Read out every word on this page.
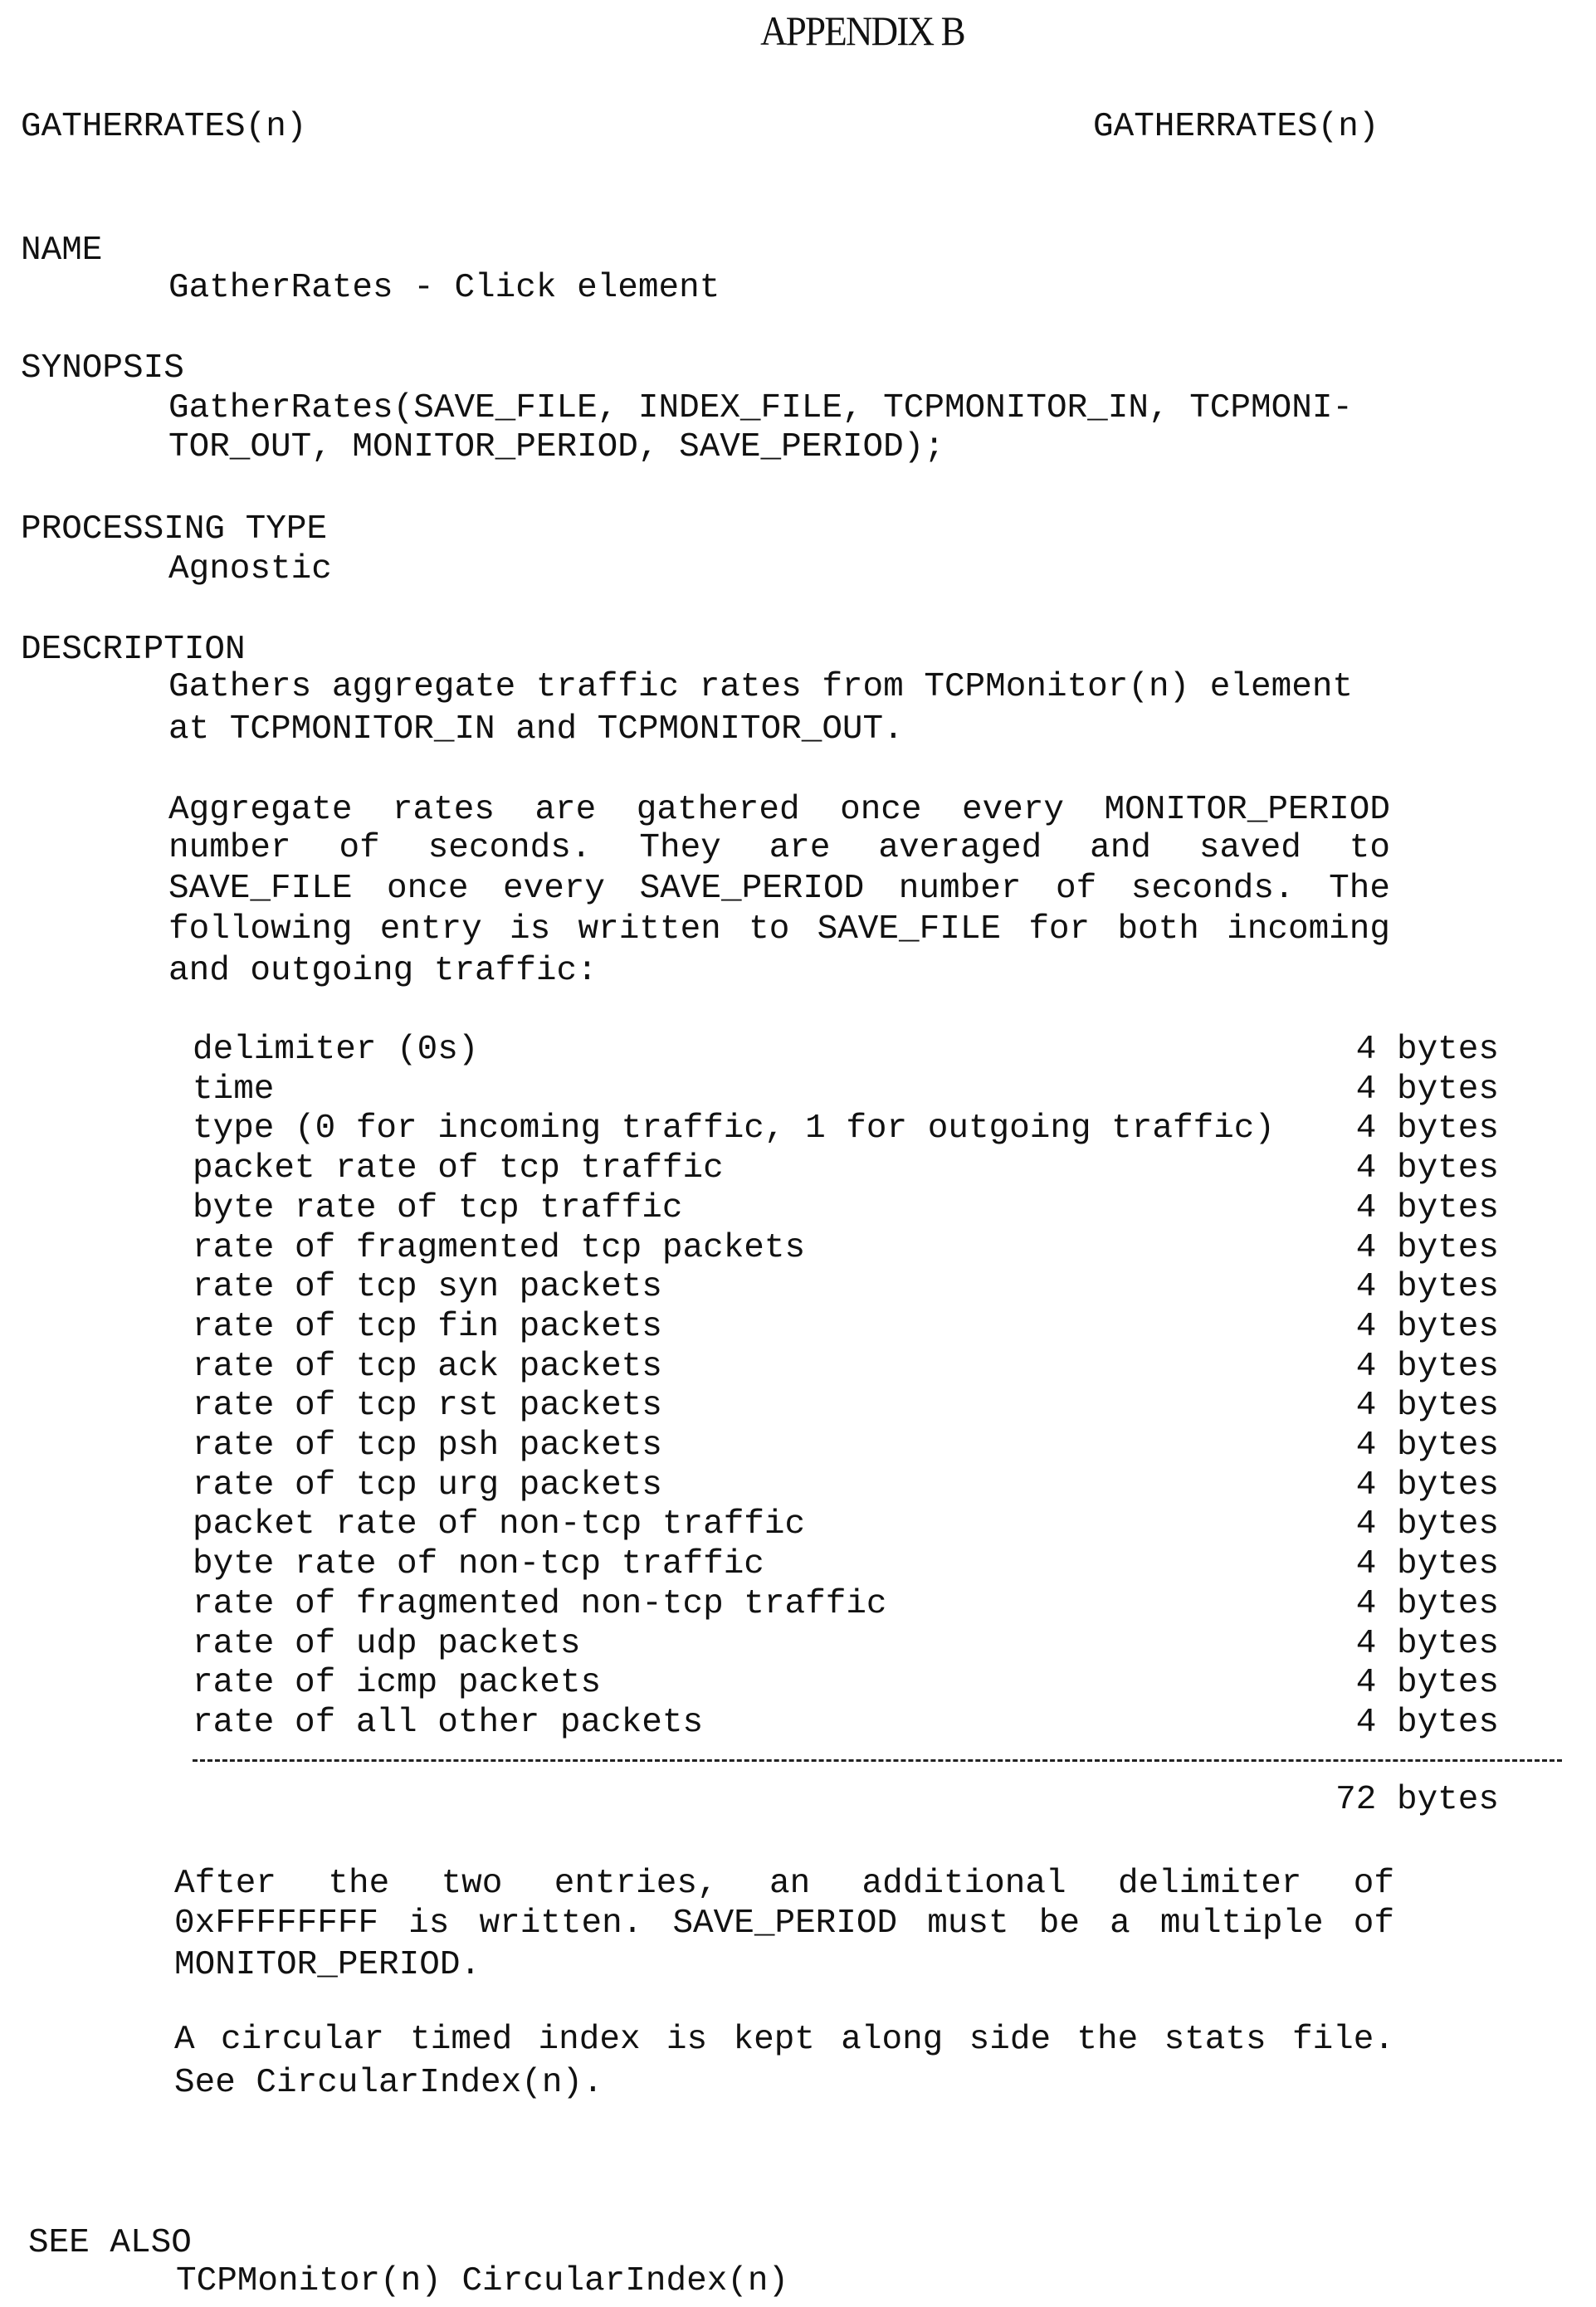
APPENDIX B
GATHERRATES(n)	GATHERRATES(n)
NAME
GatherRates - Click element
SYNOPSIS
GatherRates(SAVE_FILE, INDEX_FILE, TCPMONITOR_IN, TCPMONI-
TOR_OUT, MONITOR_PERIOD, SAVE_PERIOD);
PROCESSING TYPE
Agnostic
DESCRIPTION
Gathers aggregate traffic rates from TCPMonitor(n) element
at TCPMONITOR_IN and TCPMONITOR_OUT.
Aggregate rates are gathered once every MONITOR_PERIOD
number of seconds. They are averaged and saved to
SAVE_FILE once every SAVE_PERIOD number of seconds. The
following entry is written to SAVE_FILE for both incoming
and outgoing traffic:
delimiter (0s)	4 bytes
time	4 bytes
type (0 for incoming traffic, 1 for outgoing traffic) 4 bytes
packet rate of tcp traffic	4 bytes
byte rate of tcp traffic	4 bytes
rate of fragmented tcp packets	4 bytes
rate of tcp syn packets	4 bytes
rate of tcp fin packets	4 bytes
rate of tcp ack packets	4 bytes
rate of tcp rst packets	4 bytes
rate of tcp psh packets	4 bytes
rate of tcp urg packets	4 bytes
packet rate of non-tcp traffic	4 bytes
byte rate of non-tcp traffic	4 bytes
rate of fragmented non-tcp traffic	4 bytes
rate of udp packets	4 bytes
rate of icmp packets	4 bytes
rate of all other packets	4 bytes
72 bytes
After the two entries, an additional delimiter of
0xFFFFFFFF is written. SAVE_PERIOD must be a multiple of
MONITOR_PERIOD.
A circular timed index is kept along side the stats file.
See CircularIndex(n).
SEE ALSO
TCPMonitor(n) CircularIndex(n)
